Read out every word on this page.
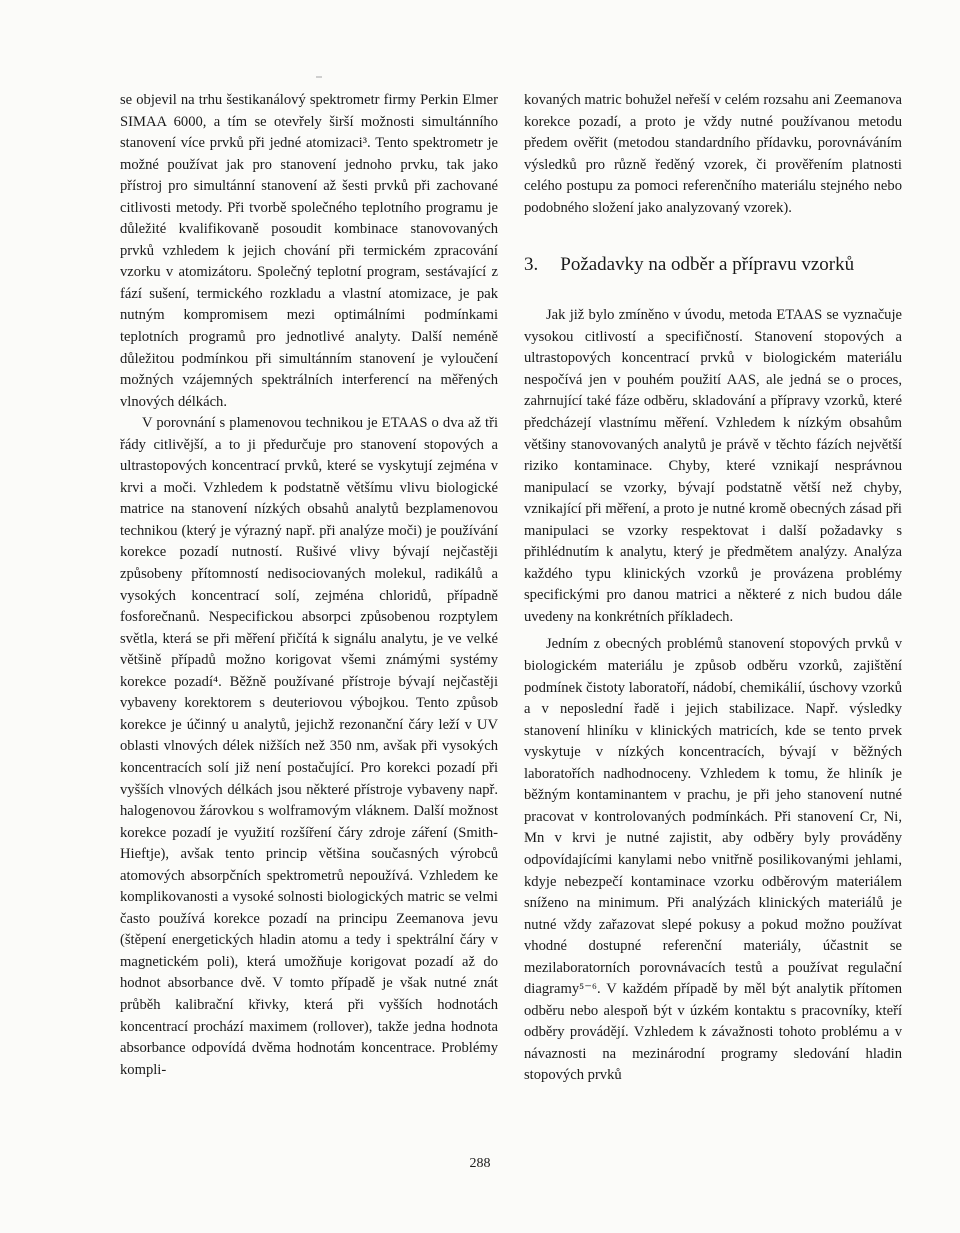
se objevil na trhu šestikanálový spektrometr firmy Perkin Elmer SIMAA 6000, a tím se otevřely širší možnosti simultánního stanovení více prvků při jedné atomizaci³. Tento spektrometr je možné používat jak pro stanovení jednoho prvku, tak jako přístroj pro simultánní stanovení až šesti prvků při zachované citlivosti metody. Při tvorbě společného teplotního programu je důležité kvalifikovaně posoudit kombinace stanovovaných prvků vzhledem k jejich chování při termickém zpracování vzorku v atomizátoru. Společný teplotní program, sestávající z fází sušení, termického rozkladu a vlastní atomizace, je pak nutným kompromisem mezi optimálními podmínkami teplotních programů pro jednotlivé analyty. Další neméně důležitou podmínkou při simultánním stanovení je vyloučení možných vzájemných spektrálních interferencí na měřených vlnových délkách.

V porovnání s plamenovou technikou je ETAAS o dva až tři řády citlivější, a to ji předurčuje pro stanovení stopových a ultrastopových koncentrací prvků, které se vyskytují zejména v krvi a moči. Vzhledem k podstatně většímu vlivu biologické matrice na stanovení nízkých obsahů analytů bezplamenovou technikou (který je výrazný např. při analýze moči) je používání korekce pozadí nutností. Rušivé vlivy bývají nejčastěji způsobeny přítomností nedisociovaných molekul, radikálů a vysokých koncentrací solí, zejména chloridů, případně fosforečnanů. Nespecifickou absorpci způsobenou rozptylem světla, která se při měření přičítá k signálu analytu, je ve velké většině případů možno korigovat všemi známými systémy korekce pozadí⁴. Běžně používané přístroje bývají nejčastěji vybaveny korektorem s deuteriovou výbojkou. Tento způsob korekce je účinný u analytů, jejichž rezonanční čáry leží v UV oblasti vlnových délek nižších než 350 nm, avšak při vysokých koncentracích solí již není postačující. Pro korekci pozadí při vyšších vlnových délkách jsou některé přístroje vybaveny např. halogenovou žárovkou s wolframovým vláknem. Další možnost korekce pozadí je využití rozšíření čáry zdroje záření (Smith-Hieftje), avšak tento princip většina současných výrobců atomových absorpčních spektrometrů nepoužívá. Vzhledem ke komplikovanosti a vysoké solnosti biologických matric se velmi často používá korekce pozadí na principu Zeemanova jevu (štěpení energetických hladin atomu a tedy i spektrální čáry v magnetickém poli), která umožňuje korigovat pozadí až do hodnot absorbance dvě. V tomto případě je však nutné znát průběh kalibrační křivky, která při vyšších hodnotách koncentrací prochází maximem (rollover), takže jedna hodnota absorbance odpovídá dvěma hodnotám koncentrace. Problémy kompli-

kovaných matric bohužel neřeší v celém rozsahu ani Zeemanova korekce pozadí, a proto je vždy nutné používanou metodu předem ověřit (metodou standardního přídavku, porovnáváním výsledků pro různě ředěný vzorek, či prověřením platnosti celého postupu za pomoci referenčního materiálu stejného nebo podobného složení jako analyzovaný vzorek).

3. Požadavky na odběr a přípravu vzorků

Jak již bylo zmíněno v úvodu, metoda ETAAS se vyznačuje vysokou citlivostí a specifičností. Stanovení stopových a ultrastopových koncentrací prvků v biologickém materiálu nespočívá jen v pouhém použití AAS, ale jedná se o proces, zahrnující také fáze odběru, skladování a přípravy vzorků, které předcházejí vlastnímu měření. Vzhledem k nízkým obsahům většiny stanovovaných analytů je právě v těchto fázích největší riziko kontaminace. Chyby, které vznikají nesprávnou manipulací se vzorky, bývají podstatně větší než chyby, vznikající při měření, a proto je nutné kromě obecných zásad při manipulaci se vzorky respektovat i další požadavky s přihlédnutím k analytu, který je předmětem analýzy. Analýza každého typu klinických vzorků je provázena problémy specifickými pro danou matrici a některé z nich budou dále uvedeny na konkrétních příkladech.

Jedním z obecných problémů stanovení stopových prvků v biologickém materiálu je způsob odběru vzorků, zajištění podmínek čistoty laboratoří, nádobí, chemikálií, úschovy vzorků a v neposlední řadě i jejich stabilizace. Např. výsledky stanovení hliníku v klinických matricích, kde se tento prvek vyskytuje v nízkých koncentracích, bývají v běžných laboratořích nadhodnoceny. Vzhledem k tomu, že hliník je běžným kontaminantem v prachu, je při jeho stanovení nutné pracovat v kontrolovaných podmínkách. Při stanovení Cr, Ni, Mn v krvi je nutné zajistit, aby odběry byly prováděny odpovídajícími kanylami nebo vnitřně posilikovanými jehlami, kdyje nebezpečí kontaminace vzorku odběrovým materiálem sníženo na minimum. Při analýzách klinických materiálů je nutné vždy zařazovat slepé pokusy a pokud možno používat vhodné dostupné referenční materiály, účastnit se mezilaboratorních porovnávacích testů a používat regulační diagramy⁵⁻⁶. V každém případě by měl být analytik přítomen odběru nebo alespoň být v úzkém kontaktu s pracovníky, kteří odběry provádějí. Vzhledem k závažnosti tohoto problému a v návaznosti na mezinárodní programy sledování hladin stopových prvků

288
